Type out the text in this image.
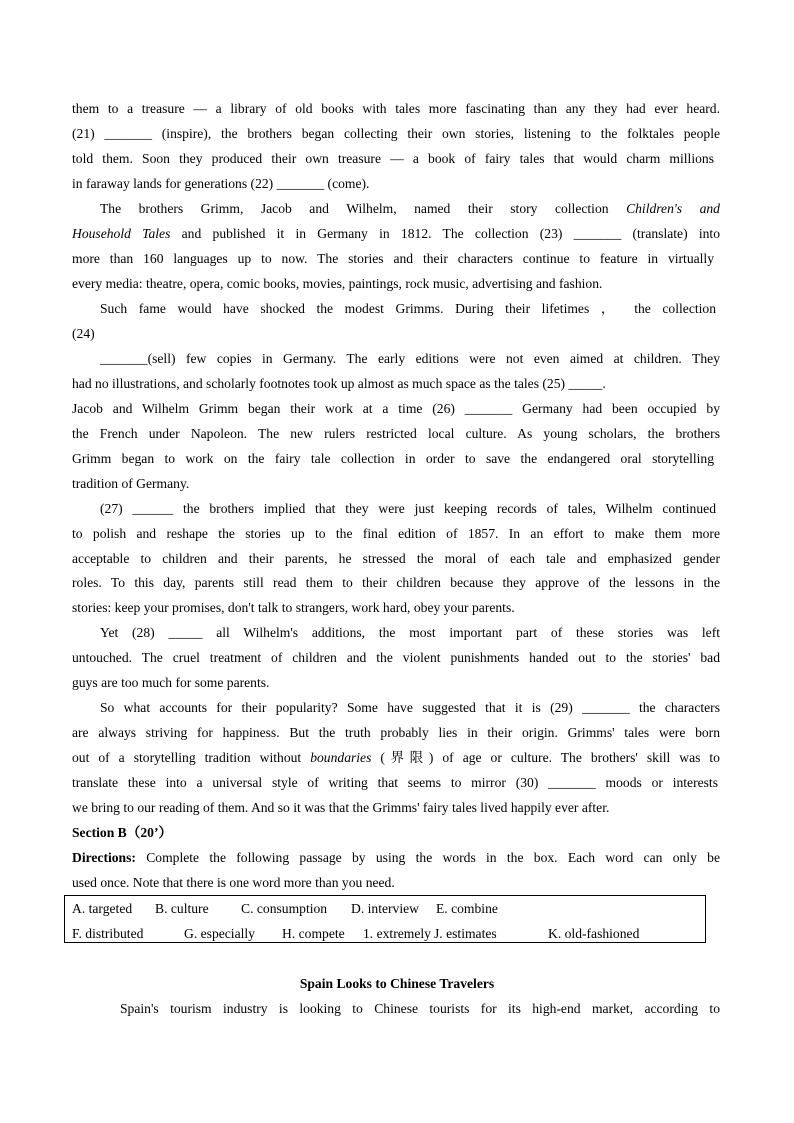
them to a treasure — a library of old books with tales more fascinating than any they had ever heard.
(21) _______ (inspire), the brothers began collecting their own stories, listening to the folktales people
told them. Soon they produced their own treasure — a book of fairy tales that would charm millions
in faraway lands for generations (22) _______ (come).
The brothers Grimm, Jacob and Wilhelm, named their story collection Children's and
Household Tales and published it in Germany in 1812. The collection (23) _______ (translate) into
more than 160 languages up to now. The stories and their characters continue to feature in virtually
every media: theatre, opera, comic books, movies, paintings, rock music, advertising and fashion.
Such fame would have shocked the modest Grimms. During their lifetimes ， the collection
(24)
_______(sell) few copies in Germany. The early editions were not even aimed at children. They
had no illustrations, and scholarly footnotes took up almost as much space as the tales (25) _____.
Jacob and Wilhelm Grimm began their work at a time (26) _______ Germany had been occupied by
the French under Napoleon. The new rulers restricted local culture. As young scholars, the brothers
Grimm began to work on the fairy tale collection in order to save the endangered oral storytelling
tradition of Germany.
(27) ______ the brothers implied that they were just keeping records of tales, Wilhelm continued
to polish and reshape the stories up to the final edition of 1857. In an effort to make them more
acceptable to children and their parents, he stressed the moral of each tale and emphasized gender
roles. To this day, parents still read them to their children because they approve of the lessons in the
stories: keep your promises, don't talk to strangers, work hard, obey your parents.
Yet (28) _____ all Wilhelm's additions, the most important part of these stories was left
untouched. The cruel treatment of children and the violent punishments handed out to the stories' bad
guys are too much for some parents.
So what accounts for their popularity? Some have suggested that it is (29) _______ the characters
are always striving for happiness. But the truth probably lies in their origin. Grimms' tales were born
out of a storytelling tradition without boundaries (界限) of age or culture. The brothers' skill was to
translate these into a universal style of writing that seems to mirror (30) _______ moods or interests
we bring to our reading of them. And so it was that the Grimms' fairy tales lived happily ever after.
Section B（20’）
Directions: Complete the following passage by using the words in the box. Each word can only be
used once. Note that there is one word more than you need.
A. targeted B. culture C. consumption D. interview E. combine
F. distributed	G. especially H. compete 1. extremely J. estimates	K. old-fashioned
Spain Looks to Chinese Travelers
Spain's tourism industry is looking to Chinese tourists for its high-end market, according to
